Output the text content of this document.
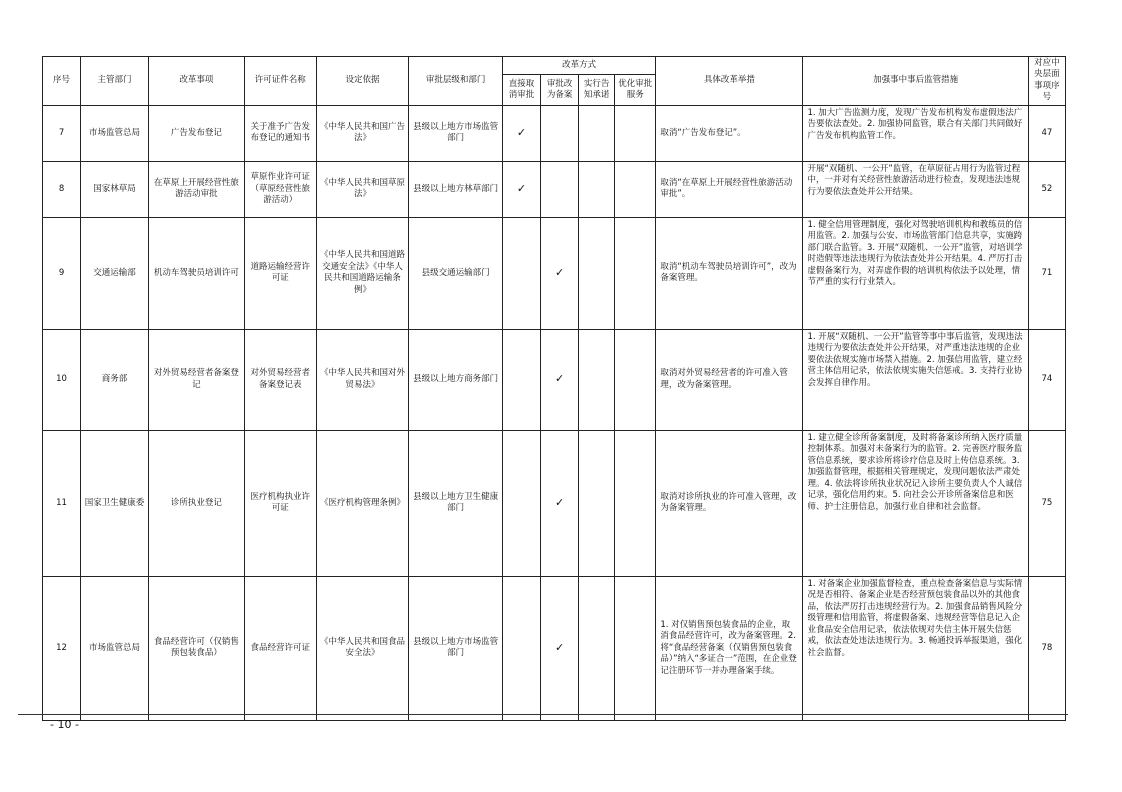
序号	主管部门	改革事项	许可证件名称	设定依据	审批层级和部门	改革方式				具体改革举措	加强事中事后监管措施	对应中央层面事项序号
						直接取消审批	审批改为备案	实行告知承诺	优化审批服务			
7	市场监管总局	广告发布登记	关于准予广告发布登记的通知书	《中华人民共和国广告法》	县级以上地方市场监管部门	✓				取消“广告发布登记”。	1. 加大广告监测力度，发现广告发布机构发布虚假违法广告要依法查处。2. 加强协同监管，联合有关部门共同做好广告发布机构监管工作。	47
8	国家林草局	在草原上开展经营性旅游活动审批	草原作业许可证（草原经营性旅游活动）	《中华人民共和国草原法》	县级以上地方林草部门	✓				取消“在草原上开展经营性旅游活动审批”。	开展“双随机、一公开”监管，在草原征占用行为监管过程中，一并对有关经营性旅游活动进行检查，发现违法违规行为要依法查处并公开结果。	52
9	交通运输部	机动车驾驶员培训许可	道路运输经营许可证	《中华人民共和国道路交通安全法》《中华人民共和国道路运输条例》	县级交通运输部门		✓			取消“机动车驾驶员培训许可”，改为备案管理。	1. 健全信用管理制度，强化对驾驶培训机构和教练员的信用监管。2. 加强与公安、市场监管部门信息共享，实施跨部门联合监管。3. 开展“双随机、一公开”监管，对培训学时造假等违法违规行为依法查处并公开结果。4. 严厉打击虚假备案行为，对弄虚作假的培训机构依法予以处理，情节严重的实行行业禁入。	71
10	商务部	对外贸易经营者备案登记	对外贸易经营者备案登记表	《中华人民共和国对外贸易法》	县级以上地方商务部门		✓			取消对外贸易经营者的许可准入管理，改为备案管理。	1. 开展“双随机、一公开”监管等事中事后监管，发现违法违规行为要依法查处并公开结果，对严重违法违规的企业要依法依规实施市场禁入措施。2. 加强信用监管，建立经营主体信用记录，依法依规实施失信惩戒。3. 支持行业协会发挥自律作用。	74
11	国家卫生健康委	诊所执业登记	医疗机构执业许可证	《医疗机构管理条例》	县级以上地方卫生健康部门		✓			取消对诊所执业的许可准入管理，改为备案管理。	1. 建立健全诊所备案制度，及时将备案诊所纳入医疗质量控制体系。加强对未备案行为的监管。2. 完善医疗服务监管信息系统，要求诊所将诊疗信息及时上传信息系统。3. 加强监督管理，根据相关管理规定，发现问题依法严肃处理。4. 依法将诊所执业状况记入诊所主要负责人个人诚信记录，强化信用约束。5. 向社会公开诊所备案信息和医师、护士注册信息，加强行业自律和社会监督。	75
12	市场监管总局	食品经营许可（仅销售预包装食品）	食品经营许可证	《中华人民共和国食品安全法》	县级以上地方市场监管部门		✓			1. 对仅销售预包装食品的企业，取消食品经营许可，改为备案管理。2. 将“食品经营备案（仅销售预包装食品）”纳入“多证合一”范围，在企业登记注册环节一并办理备案手续。	1. 对备案企业加强监督检查，重点检查备案信息与实际情况是否相符、备案企业是否经营预包装食品以外的其他食品，依法严厉打击违规经营行为。2. 加强食品销售风险分级管理和信用监管，将虚假备案、违规经营等信息记入企业食品安全信用记录，依法依规对失信主体开展失信惩戒，依法查处违法违规行为。3. 畅通投诉举报渠道，强化社会监督。	78
- 10 -
